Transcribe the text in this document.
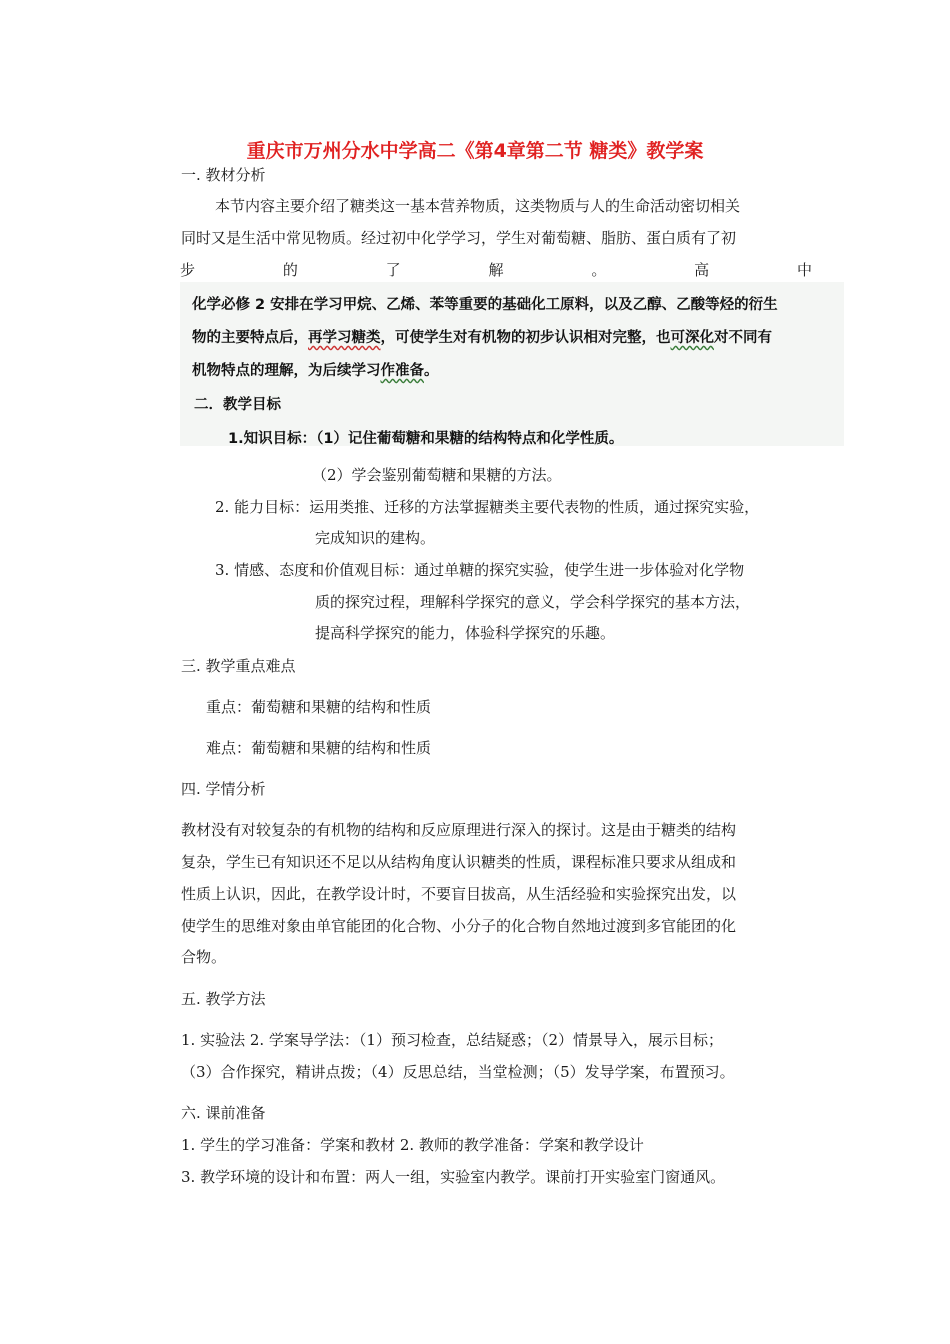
重庆市万州分水中学高二《第4章第二节 糖类》教学案
一. 教材分析
本节内容主要介绍了糖类这一基本营养物质，这类物质与人的生命活动密切相关
同时又是生活中常见物质。经过初中化学学习，学生对葡萄糖、脂肪、蛋白质有了初
步	的	了	解	。	高	中
化学必修 2 安排在学习甲烷、乙烯、苯等重要的基础化工原料，以及乙醇、乙酸等烃的衍生
物的主要特点后，再学习糖类，可使学生对有机物的初步认识相对完整，也可深化对不同有
机物特点的理解，为后续学习作准备。
二．教学目标
1.知识目标：（1）记住葡萄糖和果糖的结构特点和化学性质。
（2）学会鉴别葡萄糖和果糖的方法。
2. 能力目标：运用类推、迁移的方法掌握糖类主要代表物的性质，通过探究实验，
完成知识的建构。
3. 情感、态度和价值观目标：通过单糖的探究实验，使学生进一步体验对化学物
质的探究过程，理解科学探究的意义，学会科学探究的基本方法，
提高科学探究的能力，体验科学探究的乐趣。
三. 教学重点难点
重点：葡萄糖和果糖的结构和性质
难点：葡萄糖和果糖的结构和性质
四. 学情分析
教材没有对较复杂的有机物的结构和反应原理进行深入的探讨。这是由于糖类的结构
复杂，学生已有知识还不足以从结构角度认识糖类的性质，课程标准只要求从组成和
性质上认识，因此，在教学设计时，不要盲目拔高，从生活经验和实验探究出发，以
使学生的思维对象由单官能团的化合物、小分子的化合物自然地过渡到多官能团的化
合物。
五. 教学方法
1. 实验法 2. 学案导学法：（1）预习检查，总结疑惑；（2）情景导入，展示目标；
（3）合作探究，精讲点拨；（4）反思总结，当堂检测；（5）发导学案，布置预习。
六. 课前准备
1. 学生的学习准备：学案和教材 2. 教师的教学准备：学案和教学设计
3. 教学环境的设计和布置：两人一组，实验室内教学。课前打开实验室门窗通风。
